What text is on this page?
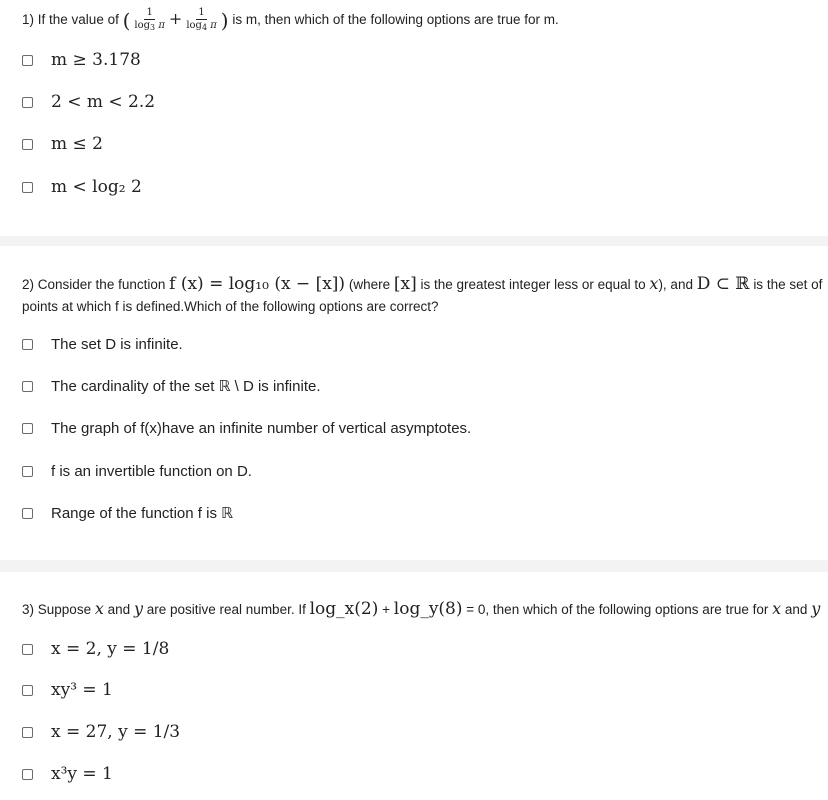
1) If the value of ( $\frac{1}{\log_3 \pi} + \frac{1}{\log_4 \pi}$ ) is m, then which of the following options are true for m.
m ≥ 3.178
2 < m < 2.2
m ≤ 2
m < log₂ 2
2) Consider the function f (x) = log₁₀ (x − [x]) (where [x] is the greatest integer less or equal to x), and D ⊂ ℝ is the set of
points at which f is defined.Which of the following options are correct?
The set D is infinite.
The cardinality of the set ℝ \ D is infinite.
The graph of f(x)have an infinite number of vertical asymptotes.
f is an invertible function on D.
Range of the function f is ℝ
3) Suppose x and y are positive real number. If log_x(2) + log_y(8) = 0, then which of the following options are true for x and y
x = 2, y = 1/8
xy³ = 1
x = 27, y = 1/3
x³y = 1
